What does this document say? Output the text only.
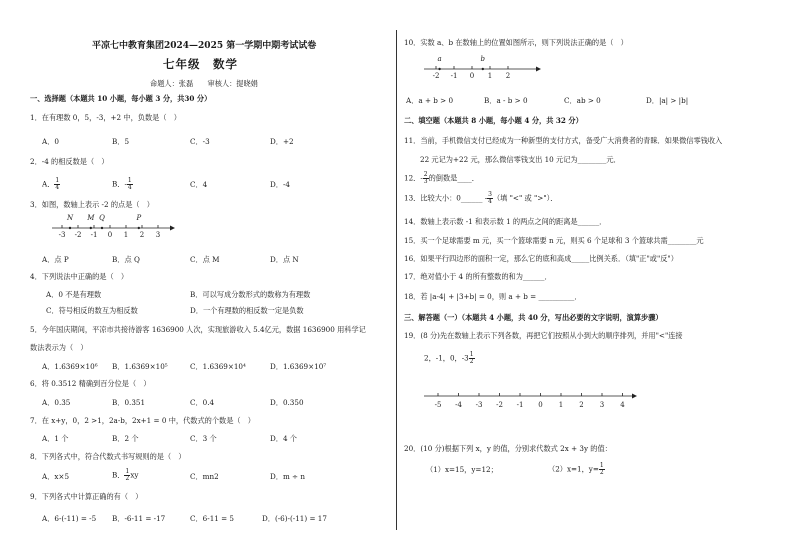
平凉七中教育集团2024—2025 第一学期中期考试试卷
七年级　数学
命题人：张磊　　审核人：提晓娟
一、选择题（本题共 10 小题，每小题 3 分，共30 分）
1．在有理数 0，5，-3，+2 中，负数是（　）
A．0	B．5	C．-3	D．+2
2．-4 的相反数是（　）
A． $\frac{1}{4}$	B．- $\frac{1}{4}$	C．4	D．-4
3．如图，数轴上表示 -2 的点是（　）
-3 -2 -1 0 1 2 3
N M Q	P
A．点 P	B．点 Q	C．点 M	D．点 N
4．下列说法中正确的是（　）
A．0 不是有理数	B．可以写成分数形式的数称为有理数
C．符号相反的数互为相反数	D．一个有理数的相反数一定是负数
5．今年国庆期间，平凉市共接待游客 1636900 人次，实现旅游收入 5.4亿元，数据 1636900 用科学记
数法表示为（　）
A．1.6369×10⁶ B．1.6369×10⁵	C．1.6369×10⁴	D．1.6369×10⁷
6．将 0.3512 精确到百分位是（　）
A．0.35	B．0.351	C．0.4	D．0.350
7．在 x+y，0，2 >1，2a-b，2x+1 = 0 中，代数式的个数是（　）
A．1 个	B．2 个	C．3 个	D．4 个
8．下列各式中，符合代数式书写规则的是（　）
A．x×5	B． $\frac{1}{2}$ xy	C．mn2	D．m ÷ n
9．下列各式中计算正确的有（　）
A．6-(-11) = -5 B．-6-11 = -17	C．6-11 = 5	D．(-6)-(-11) = 17
10．实数 a、b 在数轴上的位置如图所示，则下列说法正确的是（　）
-2 -1 0 1 2
a	b
A．a + b > 0	B．a - b > 0	C．ab > 0	D．|a| > |b|
二、填空题（本题共 8 小题，每小题 4 分，共 32 分）
11．当前，手机微信支付已经成为一种新型的支付方式，备受广大消费者的青睐．如果微信零钱收入
22 元记为+22 元，那么微信零钱支出 10 元记为________元．
12．- $\frac{2}{3}$ 的倒数是____．
13．比较大小：0______ - $\frac{3}{4}$ （填 "<" 或 ">"）．
14．数轴上表示数 -1 和表示数 1 的两点之间的距离是______．
15．买一个足球需要 m 元，买一个篮球需要 n 元，则买 6 个足球和 3 个篮球共需________元
16．如果平行四边形的面积一定，那么它的底和高成_____比例关系．（填"正"或"反"）
17．绝对值小于 4 的所有整数的和为______．
18．若 |a-4| + |3+b| = 0，则 a + b = __________．
三、解答题（一）（本题共 4 小题，共 40 分，写出必要的文字说明，演算步骤）
19．(8 分)先在数轴上表示下列各数，再把它们按照从小到大的顺序排列，并用"<"连接
2，-1，0，$-3 \frac{1}{2}$
-5 -4 -3 -2 -1 0 1 2 3 4
20．(10 分)根据下列 x，y 的值，分别求代数式 2x + 3y 的值：
（1）x=15，y=12；	（2）x=1，$y= \frac{1}{2}$
